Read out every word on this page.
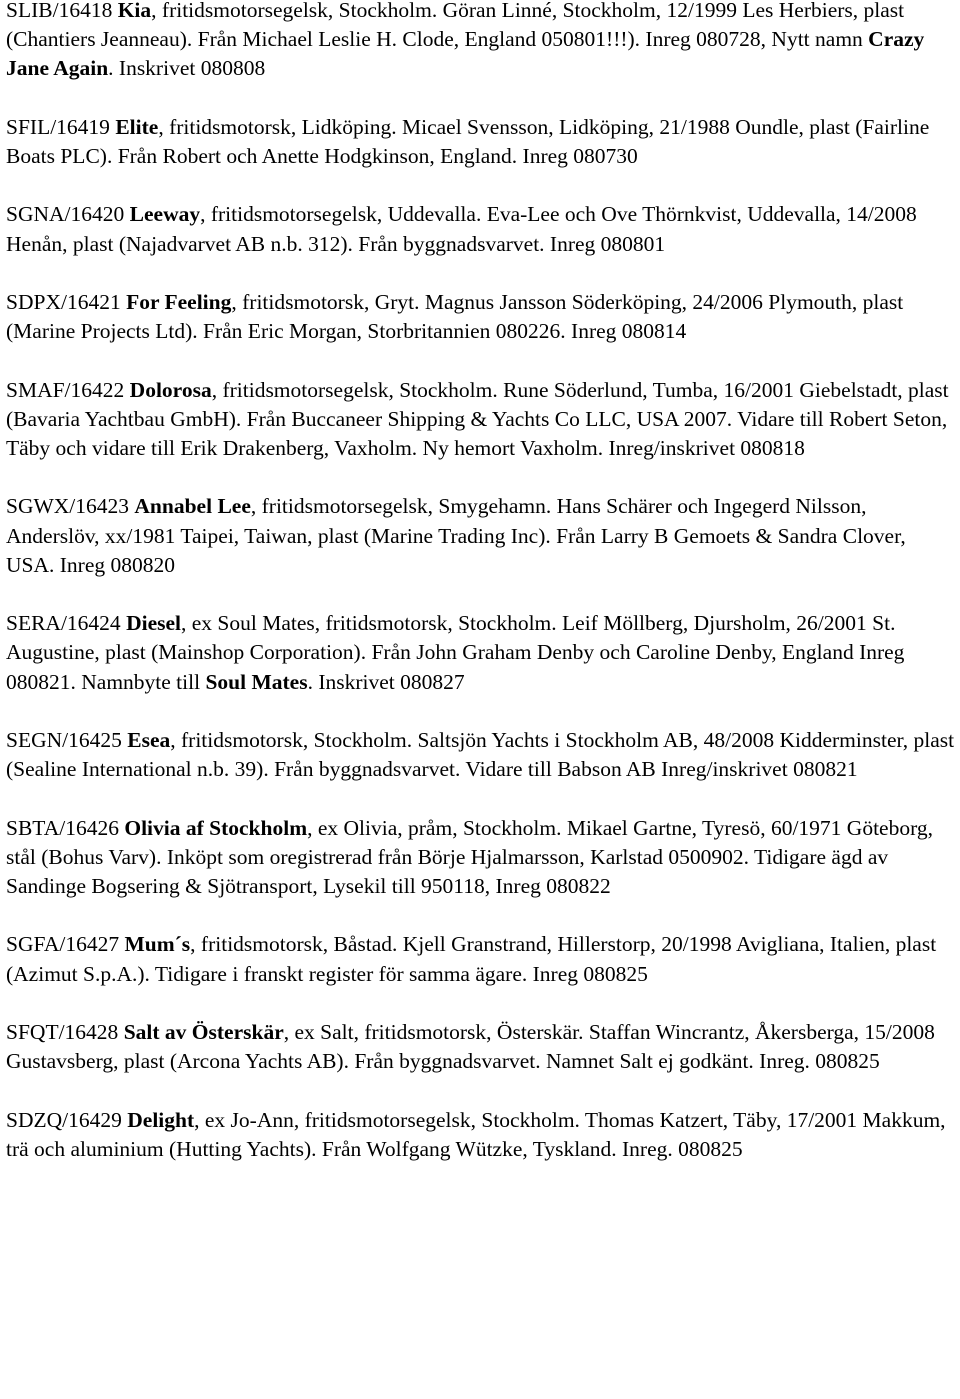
SLIB/16418 Kia, fritidsmotorsegelsk, Stockholm. Göran Linné, Stockholm, 12/1999 Les Herbiers, plast (Chantiers Jeanneau). Från Michael Leslie H. Clode, England 050801!!!). Inreg 080728, Nytt namn Crazy Jane Again. Inskrivet 080808

SFIL/16419 Elite, fritidsmotorsk, Lidköping. Micael Svensson, Lidköping, 21/1988 Oundle, plast (Fairline Boats PLC). Från Robert och Anette Hodgkinson, England. Inreg 080730

SGNA/16420 Leeway, fritidsmotorsegelsk, Uddevalla. Eva-Lee och Ove Thörnkvist, Uddevalla, 14/2008 Henån, plast (Najadvarvet AB n.b. 312). Från byggnadsvarvet. Inreg 080801

SDPX/16421 For Feeling, fritidsmotorsk, Gryt. Magnus Jansson Söderköping, 24/2006 Plymouth, plast (Marine Projects Ltd). Från Eric Morgan, Storbritannien 080226. Inreg 080814

SMAF/16422 Dolorosa, fritidsmotorsegelsk, Stockholm. Rune Söderlund, Tumba, 16/2001 Giebelstadt, plast (Bavaria Yachtbau GmbH). Från Buccaneer Shipping & Yachts Co LLC, USA 2007. Vidare till Robert Seton, Täby och vidare till Erik Drakenberg, Vaxholm. Ny hemort Vaxholm. Inreg/inskrivet 080818

SGWX/16423 Annabel Lee, fritidsmotorsegelsk, Smygehamn. Hans Schärer och Ingegerd Nilsson, Anderslöv, xx/1981 Taipei, Taiwan, plast (Marine Trading Inc). Från Larry B Gemoets & Sandra Clover, USA. Inreg 080820

SERA/16424 Diesel, ex Soul Mates, fritidsmotorsk, Stockholm. Leif Möllberg, Djursholm, 26/2001 St. Augustine, plast (Mainshop Corporation). Från John Graham Denby och Caroline Denby, England Inreg 080821. Namnbyte till Soul Mates. Inskrivet 080827

SEGN/16425 Esea, fritidsmotorsk, Stockholm. Saltsjön Yachts i Stockholm AB, 48/2008 Kidderminster, plast (Sealine International n.b. 39). Från byggnadsvarvet. Vidare till Babson AB Inreg/inskrivet 080821

SBTA/16426 Olivia af Stockholm, ex Olivia, pråm, Stockholm. Mikael Gartne, Tyresö, 60/1971 Göteborg, stål (Bohus Varv). Inköpt som oregistrerad från Börje Hjalmarsson, Karlstad 0500902. Tidigare ägd av Sandinge Bogsering & Sjötransport, Lysekil till 950118, Inreg 080822

SGFA/16427 Mum´s, fritidsmotorsk, Båstad. Kjell Granstrand, Hillerstorp, 20/1998 Avigliana, Italien, plast (Azimut S.p.A.). Tidigare i franskt register för samma ägare. Inreg 080825

SFQT/16428 Salt av Österskär, ex Salt, fritidsmotorsk, Österskär. Staffan Wincrantz, Åkersberga, 15/2008 Gustavsberg, plast (Arcona Yachts AB). Från byggnadsvarvet. Namnet Salt ej godkänt. Inreg. 080825

SDZQ/16429 Delight, ex Jo-Ann, fritidsmotorsegelsk, Stockholm. Thomas Katzert, Täby, 17/2001 Makkum, trä och aluminium (Hutting Yachts). Från Wolfgang Wützke, Tyskland. Inreg. 080825
